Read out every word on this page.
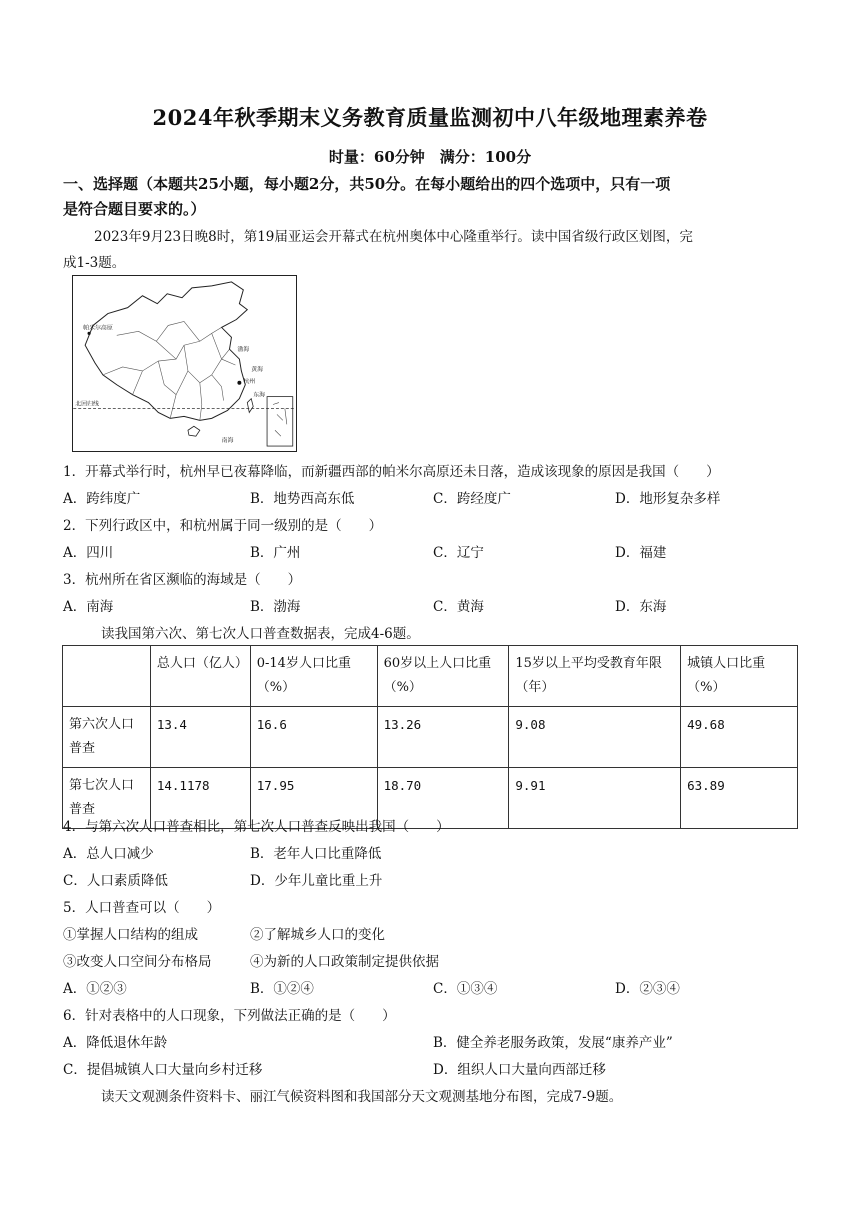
2024年秋季期末义务教育质量监测初中八年级地理素养卷
时量：60分钟　满分：100分
一、选择题（本题共25小题，每小题2分，共50分。在每小题给出的四个选项中，只有一项
是符合题目要求的。）
2023年9月23日晚8时，第19届亚运会开幕式在杭州奥体中心隆重举行。读中国省级行政区划图，完
成1-3题。
帕米尔高原
杭州
黄海
东海
南海
渤海
北回归线
1．开幕式举行时，杭州早已夜幕降临，而新疆西部的帕米尔高原还未日落，造成该现象的原因是我国（　　）
A．跨纬度广	B．地势西高东低	C．跨经度广	D．地形复杂多样
2．下列行政区中，和杭州属于同一级别的是（　　）
A．四川	B．广州	C．辽宁	D．福建
3．杭州所在省区濒临的海域是（　　）
A．南海	B．渤海	C．黄海	D．东海
读我国第六次、第七次人口普查数据表，完成4-6题。
	总人口（亿人）	0-14岁人口比重（%）	60岁以上人口比重（%）	15岁以上平均受教育年限（年）	城镇人口比重（%）
第六次人口普查	13.4	16.6	13.26	9.08	49.68
第七次人口普查	14.1178	17.95	18.70	9.91	63.89
4．与第六次人口普查相比，第七次人口普查反映出我国（　　）
A．总人口减少	B．老年人口比重降低
C．人口素质降低	D．少年儿童比重上升
5．人口普查可以（　　）
①掌握人口结构的组成	②了解城乡人口的变化
③改变人口空间分布格局	④为新的人口政策制定提供依据
A．①②③	B．①②④	C．①③④	D．②③④
6．针对表格中的人口现象，下列做法正确的是（　　）
A．降低退休年龄	B．健全养老服务政策，发展“康养产业”
C．提倡城镇人口大量向乡村迁移	D．组织人口大量向西部迁移
读天文观测条件资料卡、丽江气候资料图和我国部分天文观测基地分布图，完成7-9题。
